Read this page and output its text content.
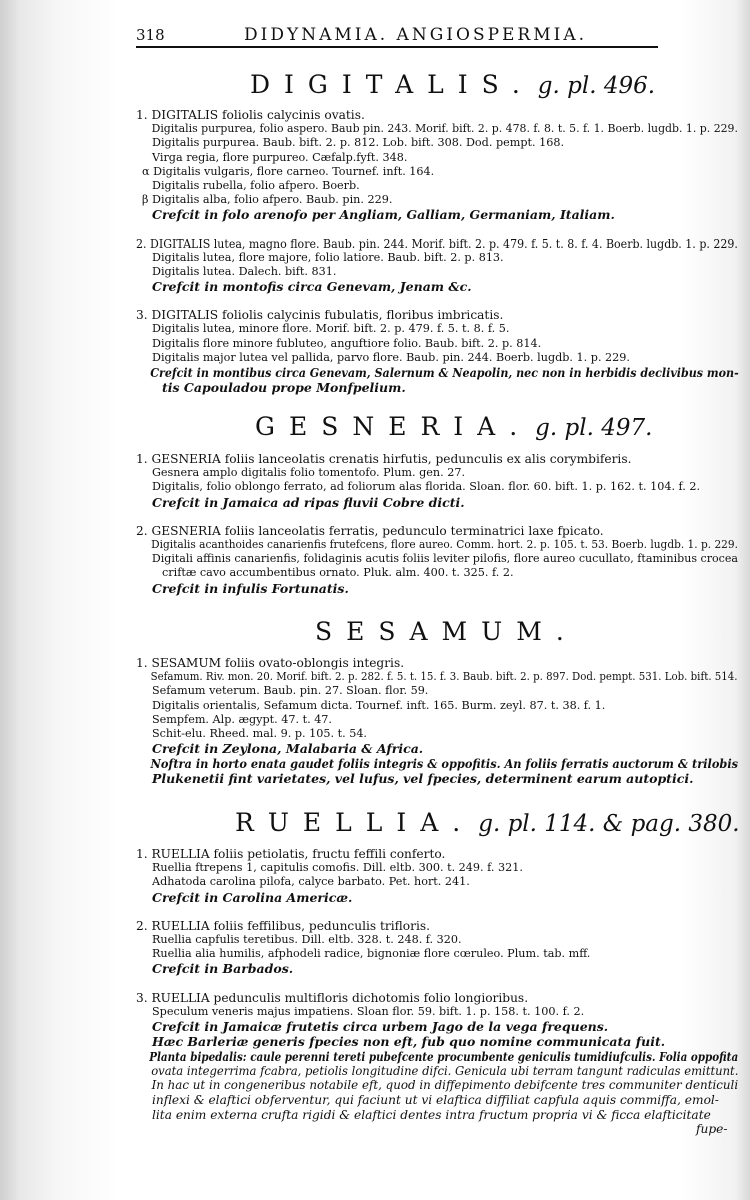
318	DIDYNAMIA. ANGIOSPERMIA.
DIGITALIS. g. pl. 496.
1. DIGITALIS foliolis calycinis ovatis.
Digitalis purpurea, folio aspero. Baub pin. 243. Morif. bift. 2. p. 478. f. 8. t. 5. f. 1. Boerb. lugdb. 1. p. 229.
Digitalis purpurea. Baub. bift. 2. p. 812. Lob. bift. 308. Dod. pempt. 168.
Virga regia, flore purpureo. Cæfalp.fyft. 348.
α Digitalis vulgaris, flore carneo. Tournef. inft. 164.
Digitalis rubella, folio afpero. Boerb.
β Digitalis alba, folio afpero. Baub. pin. 229.
Crefcit in folo arenofo per Angliam, Galliam, Germaniam, Italiam.
2. DIGITALIS lutea, magno flore. Baub. pin. 244. Morif. bift. 2. p. 479. f. 5. t. 8. f. 4. Boerb. lugdb. 1. p. 229.
Digitalis lutea, flore majore, folio latiore. Baub. bift. 2. p. 813.
Digitalis lutea. Dalech. bift. 831.
Crefcit in montofis circa Genevam, Jenam &c.
3. DIGITALIS foliolis calycinis fubulatis, floribus imbricatis.
Digitalis lutea, minore flore. Morif. bift. 2. p. 479. f. 5. t. 8. f. 5.
Digitalis flore minore fubluteo, anguftiore folio. Baub. bift. 2. p. 814.
Digitalis major lutea vel pallida, parvo flore. Baub. pin. 244. Boerb. lugdb. 1. p. 229.
Crefcit in montibus circa Genevam, Salernum & Neapolin, nec non in herbidis declivibus mon-
tis Capouladou prope Monfpelium.
GESNERIA. g. pl. 497.
1. GESNERIA foliis lanceolatis crenatis hirfutis, pedunculis ex alis corymbiferis.
Gesnera amplo digitalis folio tomentofo. Plum. gen. 27.
Digitalis, folio oblongo ferrato, ad foliorum alas florida. Sloan. flor. 60. bift. 1. p. 162. t. 104. f. 2.
Crefcit in Jamaica ad ripas fluvii Cobre dicti.
2. GESNERIA foliis lanceolatis ferratis, pedunculo terminatrici laxe fpicato.
Digitalis acanthoides canarienfis frutefcens, flore aureo. Comm. hort. 2. p. 105. t. 53. Boerb. lugdb. 1. p. 229.
Digitali affinis canarienfis, folidaginis acutis foliis leviter pilofis, flore aureo cucullato, ftaminibus crocea
criftæ cavo accumbentibus ornato. Pluk. alm. 400. t. 325. f. 2.
Crefcit in infulis Fortunatis.
SESAMUM.
1. SESAMUM foliis ovato-oblongis integris.
Sefamum. Riv. mon. 20. Morif. bift. 2. p. 282. f. 5. t. 15. f. 3. Baub. bift. 2. p. 897. Dod. pempt. 531. Lob. bift. 514.
Sefamum veterum. Baub. pin. 27. Sloan. flor. 59.
Digitalis orientalis, Sefamum dicta. Tournef. inft. 165. Burm. zeyl. 87. t. 38. f. 1.
Sempfem. Alp. ægypt. 47. t. 47.
Schit-elu. Rheed. mal. 9. p. 105. t. 54.
Crefcit in Zeylona, Malabaria & Africa.
Noftra in horto enata gaudet foliis integris & oppofitis. An foliis ferratis auctorum & trilobis
Plukenetii fint varietates, vel lufus, vel fpecies, determinent earum autoptici.
RUELLIA. g. pl. 114. & pag. 380.
1. RUELLIA foliis petiolatis, fructu feffili conferto.
Ruellia ftrepens 1, capitulis comofis. Dill. eltb. 300. t. 249. f. 321.
Adhatoda carolina pilofa, calyce barbato. Pet. hort. 241.
Crefcit in Carolina Americæ.
2. RUELLIA foliis feffilibus, pedunculis trifloris.
Ruellia capfulis teretibus. Dill. eltb. 328. t. 248. f. 320.
Ruellia alia humilis, afphodeli radice, bignoniæ flore cœruleo. Plum. tab. mff.
Crefcit in Barbados.
3. RUELLIA pedunculis multifloris dichotomis folio longioribus.
Speculum veneris majus impatiens. Sloan flor. 59. bift. 1. p. 158. t. 100. f. 2.
Crefcit in Jamaicæ frutetis circa urbem Jago de la vega frequens.
Hæc Barleriæ generis fpecies non eft, fub quo nomine communicata fuit.
Planta bipedalis: caule perenni tereti pubefcente procumbente geniculis tumidiufculis. Folia oppofita
ovata integerrima fcabra, petiolis longitudine difci. Genicula ubi terram tangunt radiculas emittunt.
In hac ut in congeneribus notabile eft, quod in diffepimento debifcente tres communiter denticuli
inflexi & elaftici obferventur, qui faciunt ut vi elaftica diffiliat capfula aquis commiffa, emol-
lita enim externa crufta rigidi & elaftici dentes intra fructum propria vi & ficca elafticitate
fupe-
